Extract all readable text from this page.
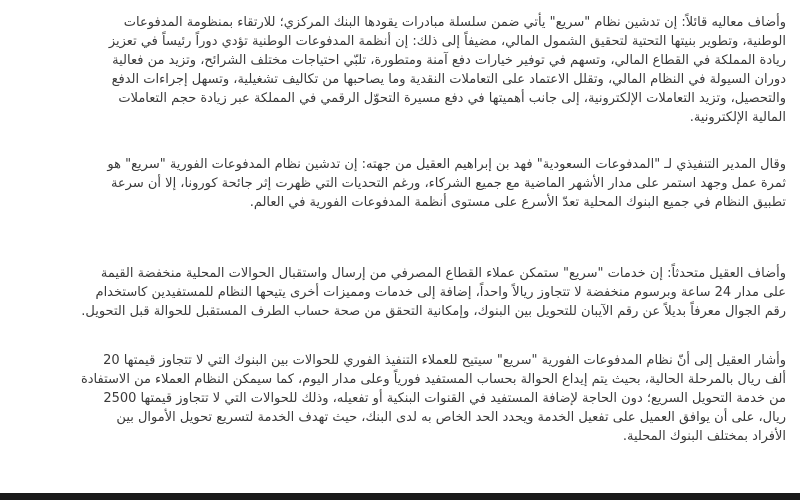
وأضاف معاليه قائلاً: إن تدشين نظام "سريع" يأتي ضمن سلسلة مبادرات يقودها البنك المركزي؛ للارتقاء بمنظومة المدفوعات
الوطنية، وتطوير بنيتها التحتية لتحقيق الشمول المالي، مضيفاً إلى ذلك: إن أنظمة المدفوعات الوطنية تؤدي دوراً رئيساً في تعزيز
ريادة المملكة في القطاع المالي، وتسهم في توفير خيارات دفع آمنة ومتطورة، تلبّي احتياجات مختلف الشرائح، وتزيد من فعالية
دوران السيولة في النظام المالي، وتقلل الاعتماد على التعاملات النقدية وما يصاحبها من تكاليف تشغيلية، وتسهل إجراءات الدفع
والتحصيل، وتزيد التعاملات الإلكترونية، إلى جانب أهميتها في دفع مسيرة التحوّل الرقمي في المملكة عبر زيادة حجم التعاملات
المالية الإلكترونية.
وقال المدير التنفيذي لـ "المدفوعات السعودية" فهد بن إبراهيم العقيل من جهته: إن تدشين نظام المدفوعات الفورية "سريع" هو
ثمرة عمل وجهد استمر على مدار الأشهر الماضية مع جميع الشركاء، ورغم التحديات التي ظهرت إثر جائحة كورونا، إلا أن سرعة
تطبيق النظام في جميع البنوك المحلية تعدّ الأسرع على مستوى أنظمة المدفوعات الفورية في العالم.
وأضاف العقيل متحدثاً: إن خدمات "سريع" ستمكن عملاء القطاع المصرفي من إرسال واستقبال الحوالات المحلية منخفضة القيمة
على مدار 24 ساعة وبرسوم منخفضة لا تتجاوز ريالاً واحداً، إضافة إلى خدمات ومميزات أخرى يتيحها النظام للمستفيدين كاستخدام
رقم الجوال معرفاً بديلاً عن رقم الآيبان للتحويل بين البنوك، وإمكانية التحقق من صحة حساب الطرف المستقبل للحوالة قبل التحويل.
وأشار العقيل إلى أنّ نظام المدفوعات الفورية "سريع" سيتيح للعملاء التنفيذ الفوري للحوالات بين البنوك التي لا تتجاوز قيمتها 20
ألف ريال بالمرحلة الحالية، بحيث يتم إيداع الحوالة بحساب المستفيد فورياً وعلى مدار اليوم، كما سيمكن النظام العملاء من الاستفادة
من خدمة التحويل السريع؛ دون الحاجة لإضافة المستفيد في القنوات البنكية أو تفعيله، وذلك للحوالات التي لا تتجاوز قيمتها 2500
ريال، على أن يوافق العميل على تفعيل الخدمة ويحدد الحد الخاص به لدى البنك، حيث تهدف الخدمة لتسريع تحويل الأموال بين
الأفراد بمختلف البنوك المحلية.
